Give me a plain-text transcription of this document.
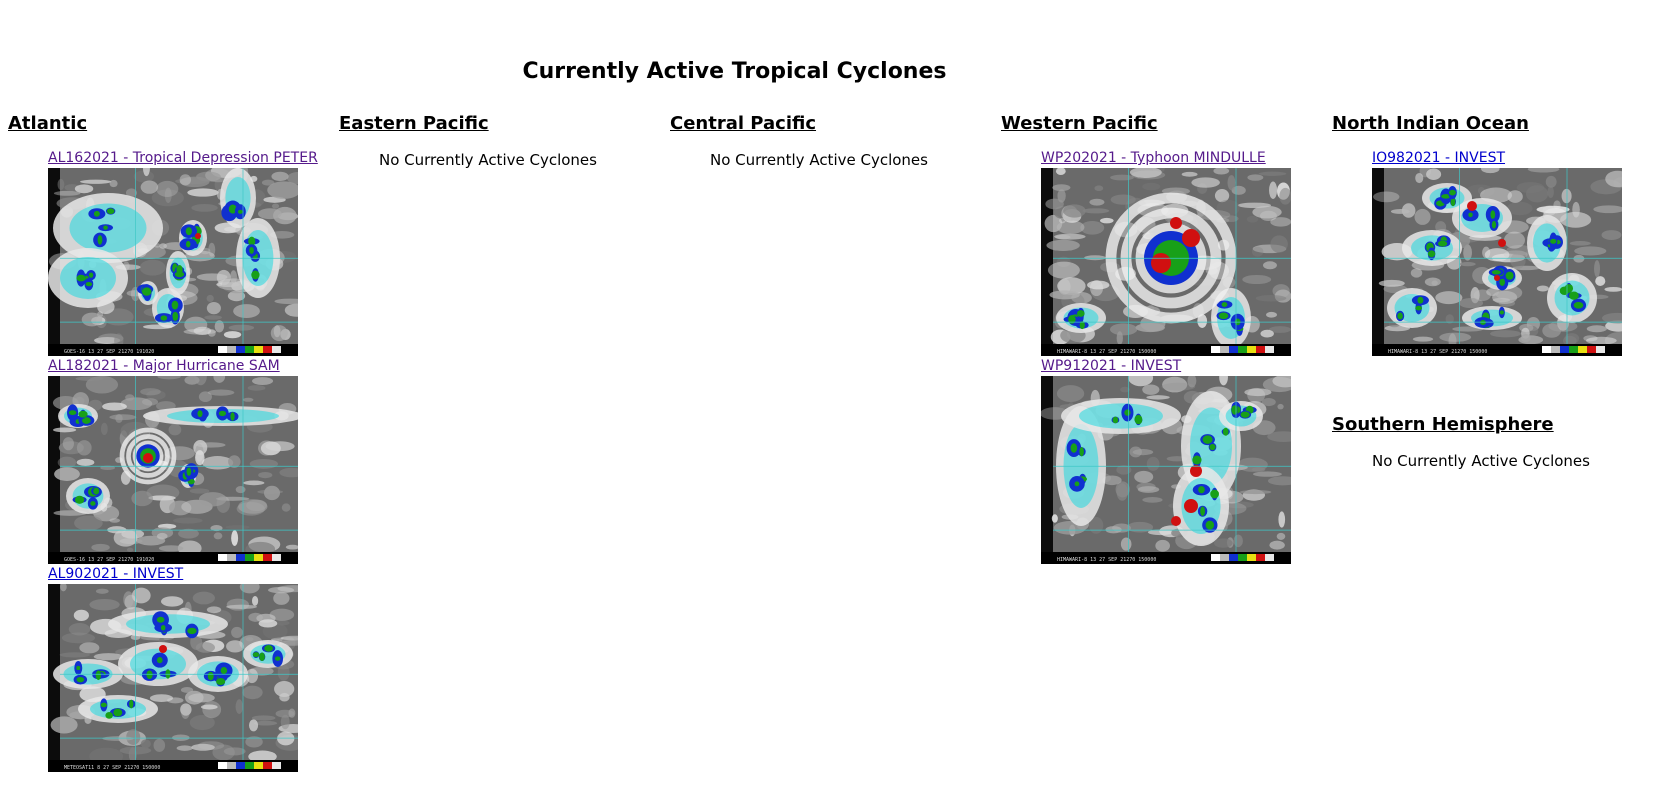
Currently Active Tropical Cyclones
Atlantic
AL162021 - Tropical Depression PETER
GOES-16 13 27 SEP 21270 191020
AL182021 - Major Hurricane SAM
GOES-16 13 27 SEP 21270 191020
AL902021 - INVEST
METEOSAT11 8 27 SEP 21270 150000
Eastern Pacific
No Currently Active Cyclones
Central Pacific
No Currently Active Cyclones
Western Pacific
WP202021 - Typhoon MINDULLE
HIMAWARI-8 13 27 SEP 21270 150000
WP912021 - INVEST
HIMAWARI-8 13 27 SEP 21270 150000
North Indian Ocean
IO982021 - INVEST
HIMAWARI-8 13 27 SEP 21270 150000
Southern Hemisphere
No Currently Active Cyclones
